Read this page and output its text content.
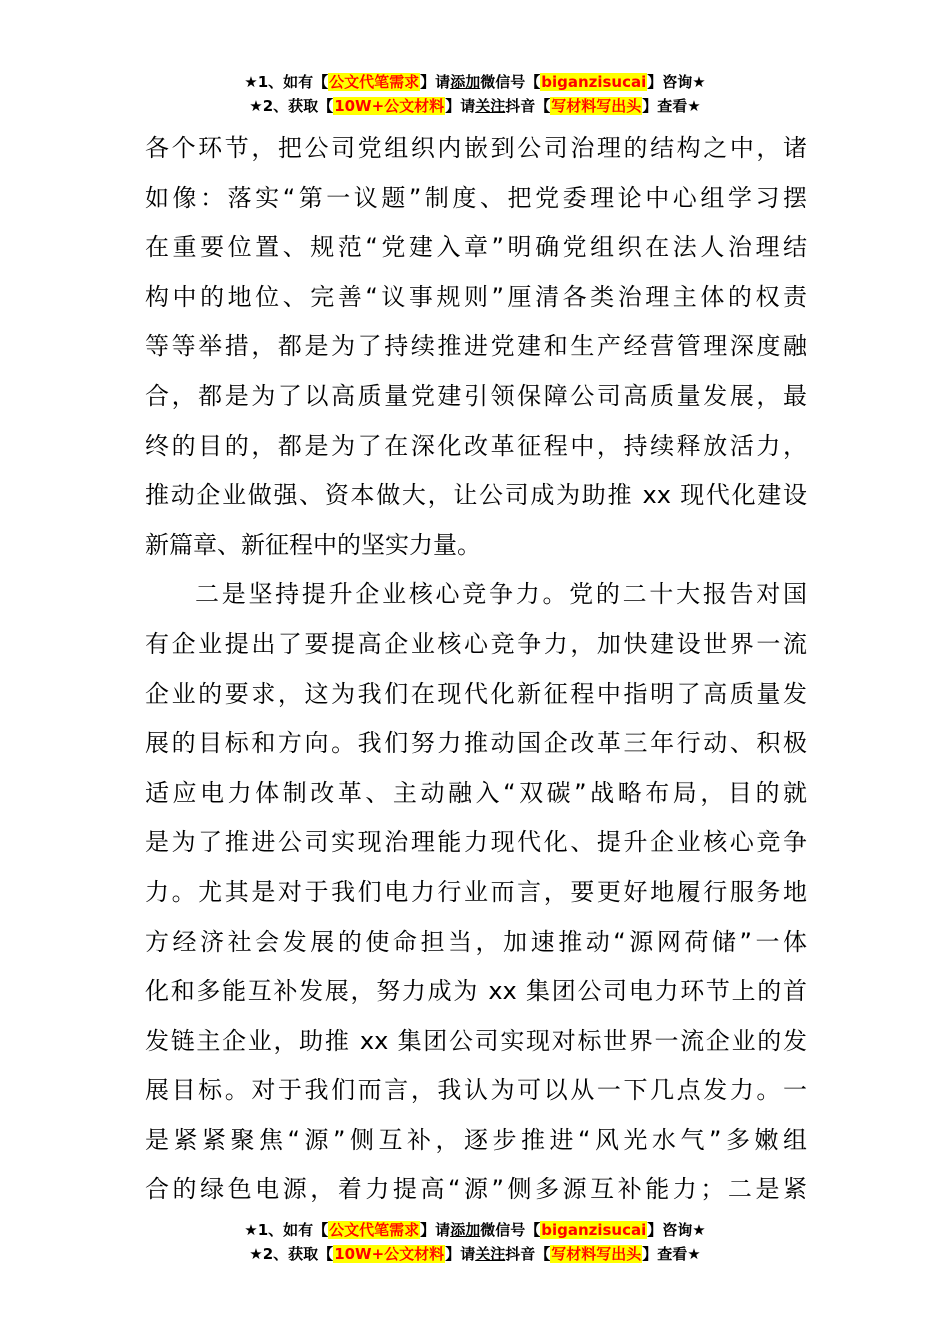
★1、如有【公文代笔需求】请添加微信号【biganzisucai】咨询★
★2、获取【10W+公文材料】请关注抖音【写材料写出头】查看★
各个环节，把公司党组织内嵌到公司治理的结构之中，诸
如像：落实“第一议题”制度、把党委理论中心组学习摆
在重要位置、规范“党建入章”明确党组织在法人治理结
构中的地位、完善“议事规则”厘清各类治理主体的权责
等等举措，都是为了持续推进党建和生产经营管理深度融
合，都是为了以高质量党建引领保障公司高质量发展，最
终的目的，都是为了在深化改革征程中，持续释放活力，
推动企业做强、资本做大，让公司成为助推 xx 现代化建设
新篇章、新征程中的坚实力量。
二是坚持提升企业核心竞争力。党的二十大报告对国
有企业提出了要提高企业核心竞争力，加快建设世界一流
企业的要求，这为我们在现代化新征程中指明了高质量发
展的目标和方向。我们努力推动国企改革三年行动、积极
适应电力体制改革、主动融入“双碳”战略布局，目的就
是为了推进公司实现治理能力现代化、提升企业核心竞争
力。尤其是对于我们电力行业而言，要更好地履行服务地
方经济社会发展的使命担当，加速推动“源网荷储”一体
化和多能互补发展，努力成为 xx 集团公司电力环节上的首
发链主企业，助推 xx 集团公司实现对标世界一流企业的发
展目标。对于我们而言，我认为可以从一下几点发力。一
是紧紧聚焦“源”侧互补，逐步推进“风光水气”多嫩组
合的绿色电源，着力提高“源”侧多源互补能力；二是紧
★1、如有【公文代笔需求】请添加微信号【biganzisucai】咨询★
★2、获取【10W+公文材料】请关注抖音【写材料写出头】查看★
